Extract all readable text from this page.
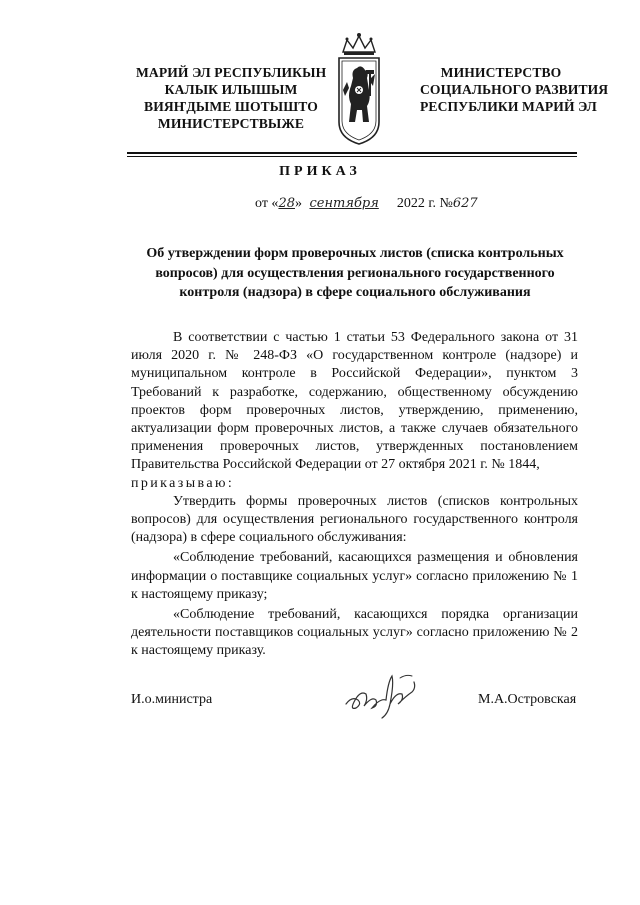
МАРИЙ ЭЛ РЕСПУБЛИКЫН
КАЛЫК ИЛЫШЫМ
ВИЯҤДЫМЕ ШОТЫШТО
МИНИСТЕРСТВЫЖЕ
МИНИСТЕРСТВО
СОЦИАЛЬНОГО РАЗВИТИЯ
РЕСПУБЛИКИ МАРИЙ ЭЛ
ПРИКАЗ
от «28» сентября 2022 г. №627
Об утверждении форм проверочных листов (списка контрольных вопросов) для осуществления регионального государственного контроля (надзора) в сфере социального обслуживания

В соответствии с частью 1 статьи 53 Федерального закона от 31 июля 2020 г. № 248-ФЗ «О государственном контроле (надзоре) и муниципальном контроле в Российской Федерации», пунктом 3 Требований к разработке, содержанию, общественному обсуждению проектов форм проверочных листов, утверждению, применению, актуализации форм проверочных листов, а также случаев обязательного применения проверочных листов, утвержденных постановлением Правительства Российской Федерации от 27 октября 2021 г. № 1844,

приказываю:

Утвердить формы проверочных листов (списков контрольных вопросов) для осуществления регионального государственного контроля (надзора) в сфере социального обслуживания:

«Соблюдение требований, касающихся размещения и обновления информации о поставщике социальных услуг» согласно приложению № 1 к настоящему приказу;

«Соблюдение требований, касающихся порядка организации деятельности поставщиков социальных услуг» согласно приложению № 2 к настоящему приказу.

И.о.министра	М.А.Островская
